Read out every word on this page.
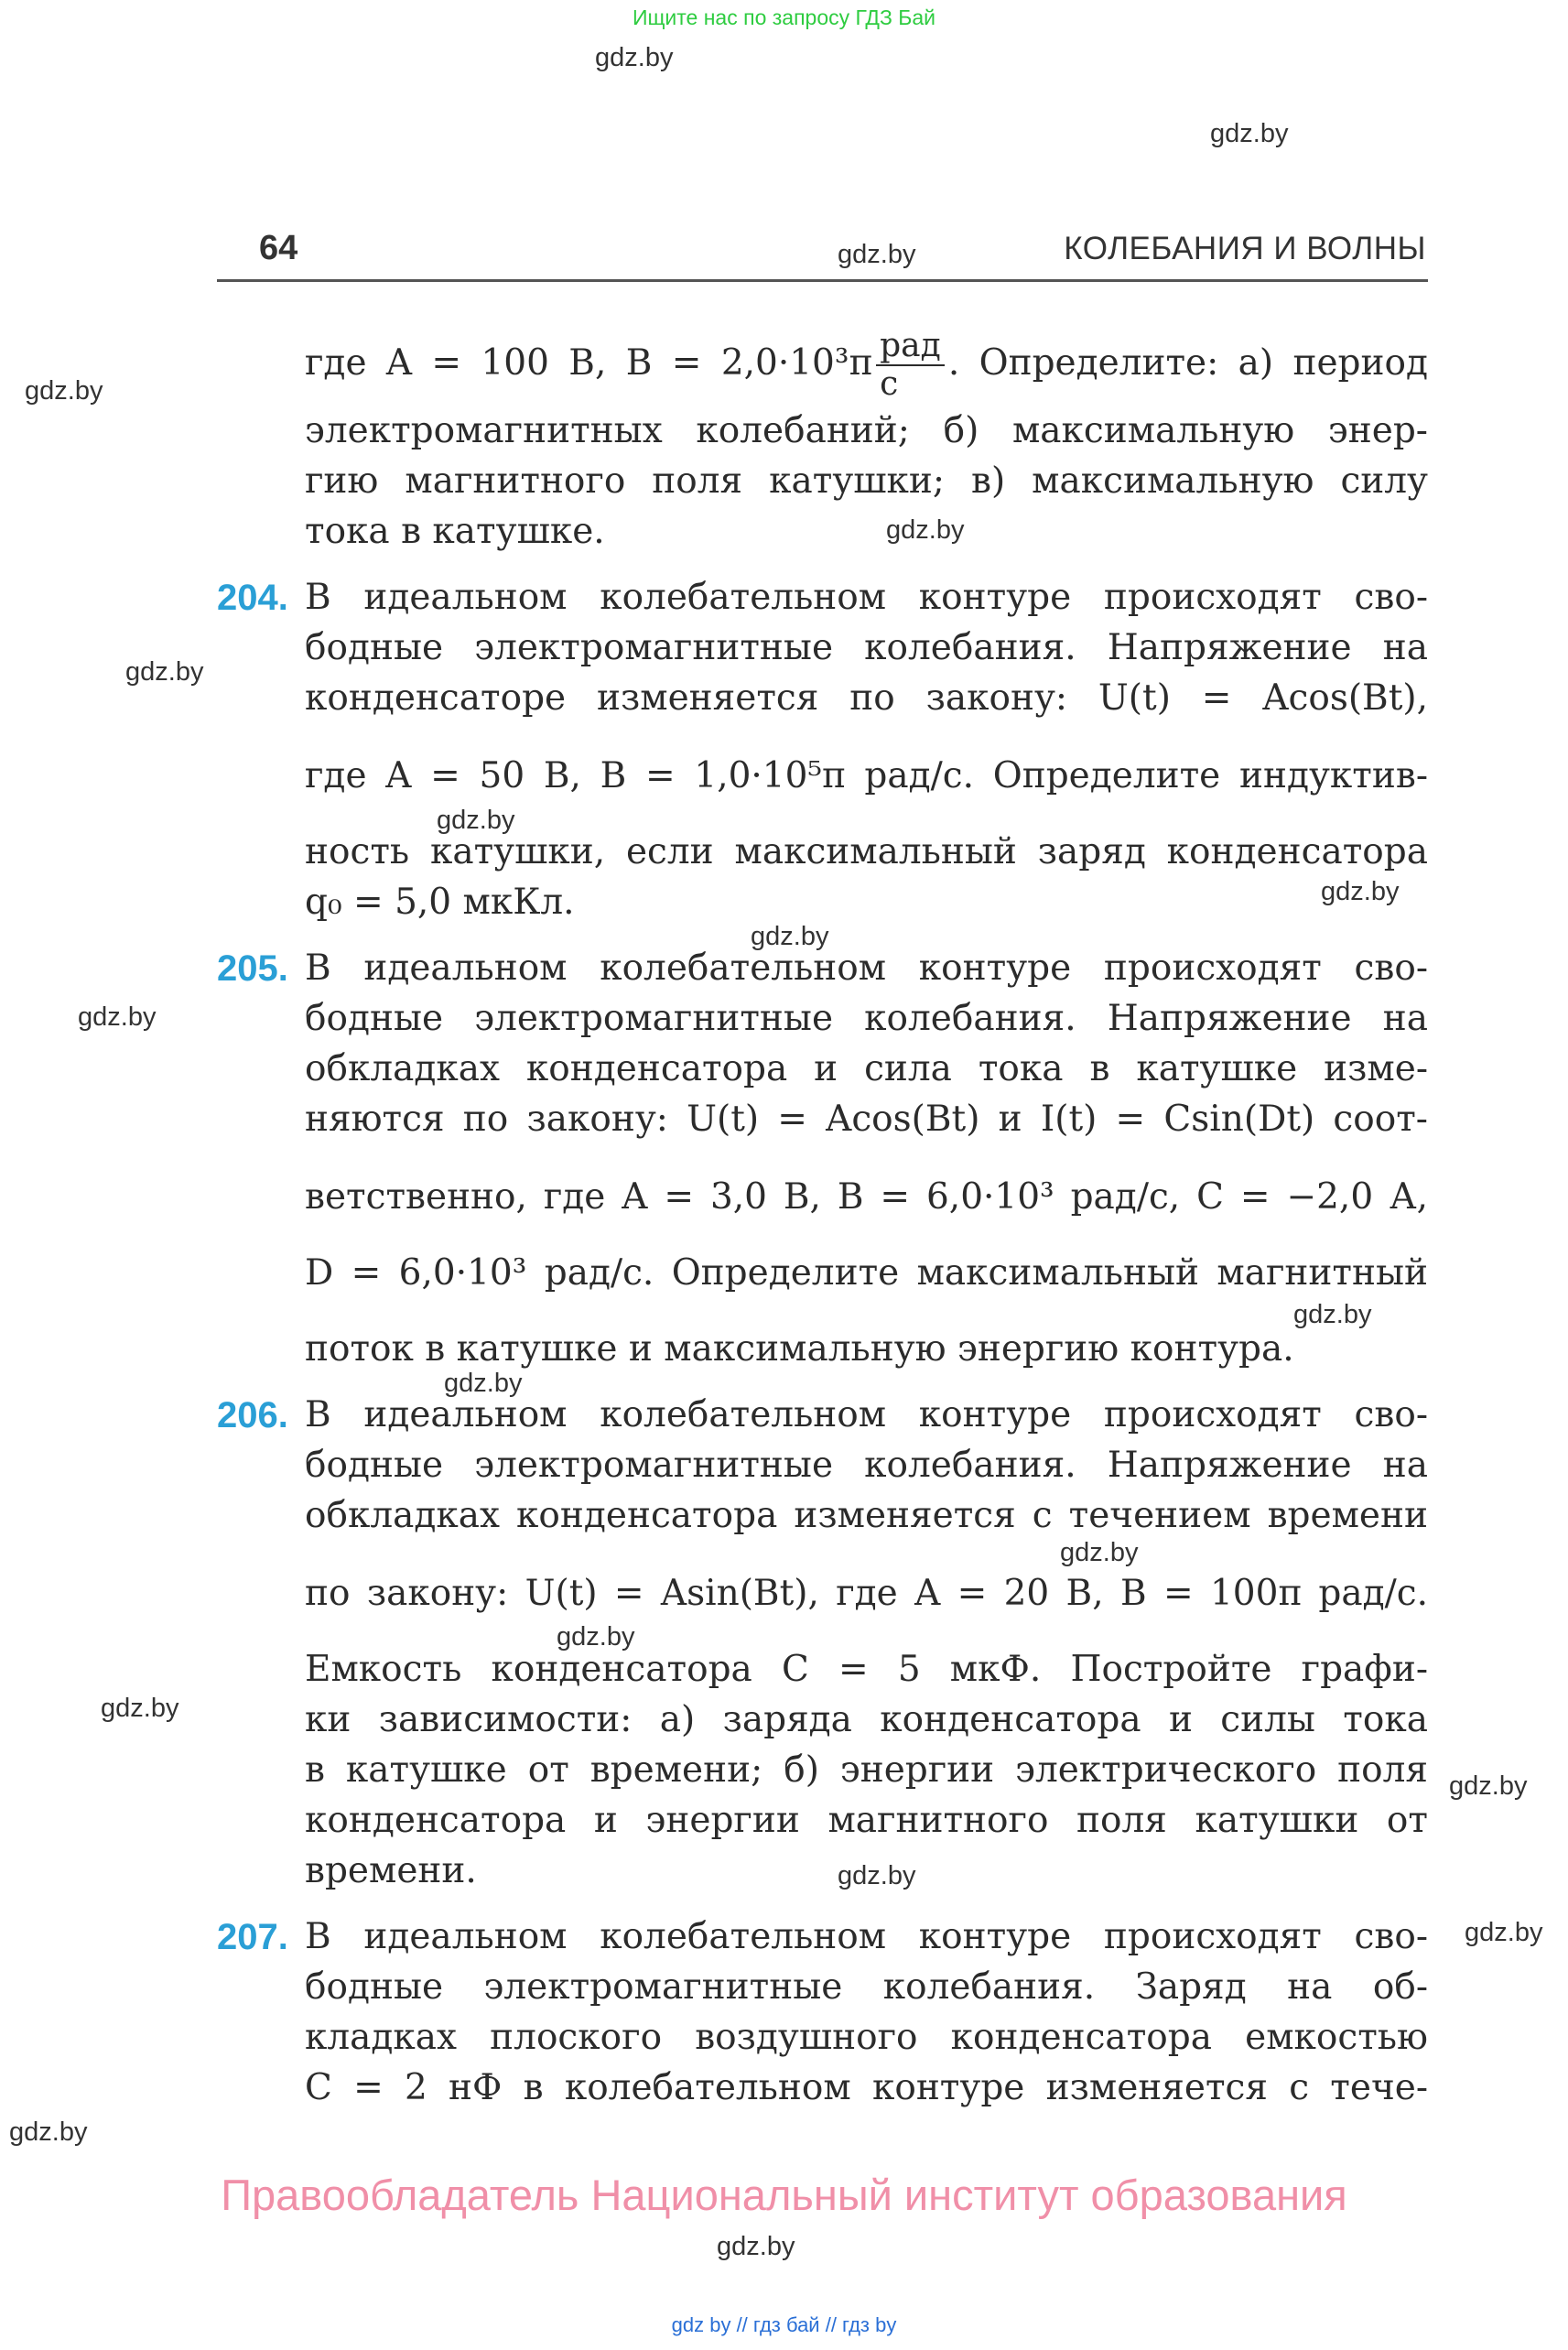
Ищите нас по запросу ГДЗ Бай
gdz.by
gdz.by
gdz.by
gdz.by
gdz.by
gdz.by
gdz.by
gdz.by
gdz.by
gdz.by
gdz.by
gdz.by
gdz.by
gdz.by
gdz.by
gdz.by
gdz.by
gdz.by
gdz.by
gdz.by
64	КОЛЕБАНИЯ И ВОЛНЫ
где A = 100 В, $B = 2,0\cdot 10^3\pi \frac{\text{рад}}{с}$ . Определите: а) период
электромагнитных колебаний; б) максимальную энер-
гию магнитного поля катушки; в) максимальную силу
тока в катушке.
204. В идеальном колебательном контуре происходят сво-
бодные электромагнитные колебания. Напряжение на
конденсаторе изменяется по закону: U(t) = Acos(Bt),
где A = 50 В, B = 1,0·10⁵π рад/с. Определите индуктив-
ность катушки, если максимальный заряд конденсатора
q₀ = 5,0 мкКл.
205. В идеальном колебательном контуре происходят сво-
бодные электромагнитные колебания. Напряжение на
обкладках конденсатора и сила тока в катушке изме-
няются по закону: U(t) = Acos(Bt) и I(t) = Csin(Dt) соот-
ветственно, где A = 3,0 В, B = 6,0·10³ рад/с, C = −2,0 А,
D = 6,0·10³ рад/с. Определите максимальный магнитный
поток в катушке и максимальную энергию контура.
206. В идеальном колебательном контуре происходят сво-
бодные электромагнитные колебания. Напряжение на
обкладках конденсатора изменяется с течением времени
по закону: U(t) = Asin(Bt), где A = 20 В, B = 100π рад/с.
Емкость конденсатора C = 5 мкФ. Постройте графи-
ки зависимости: а) заряда конденсатора и силы тока
в катушке от времени; б) энергии электрического поля
конденсатора и энергии магнитного поля катушки от
времени.
207. В идеальном колебательном контуре происходят сво-
бодные электромагнитные колебания. Заряд на об-
кладках плоского воздушного конденсатора емкостью
C = 2 нФ в колебательном контуре изменяется с тече-
Правообладатель Национальный институт образования
gdz by // гдз бай // гдз by
